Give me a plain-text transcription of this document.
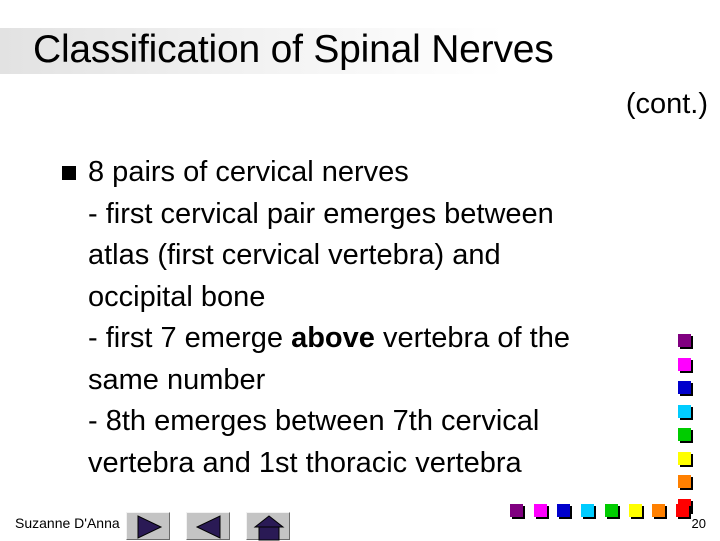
Classification of Spinal Nerves
(cont.)
8 pairs of cervical nerves
- first cervical pair emerges between
atlas (first cervical vertebra) and
occipital bone
- first 7 emerge above vertebra of the
same number
- 8th emerges between 7th cervical
vertebra and 1st thoracic vertebra
Suzanne D'Anna	20
